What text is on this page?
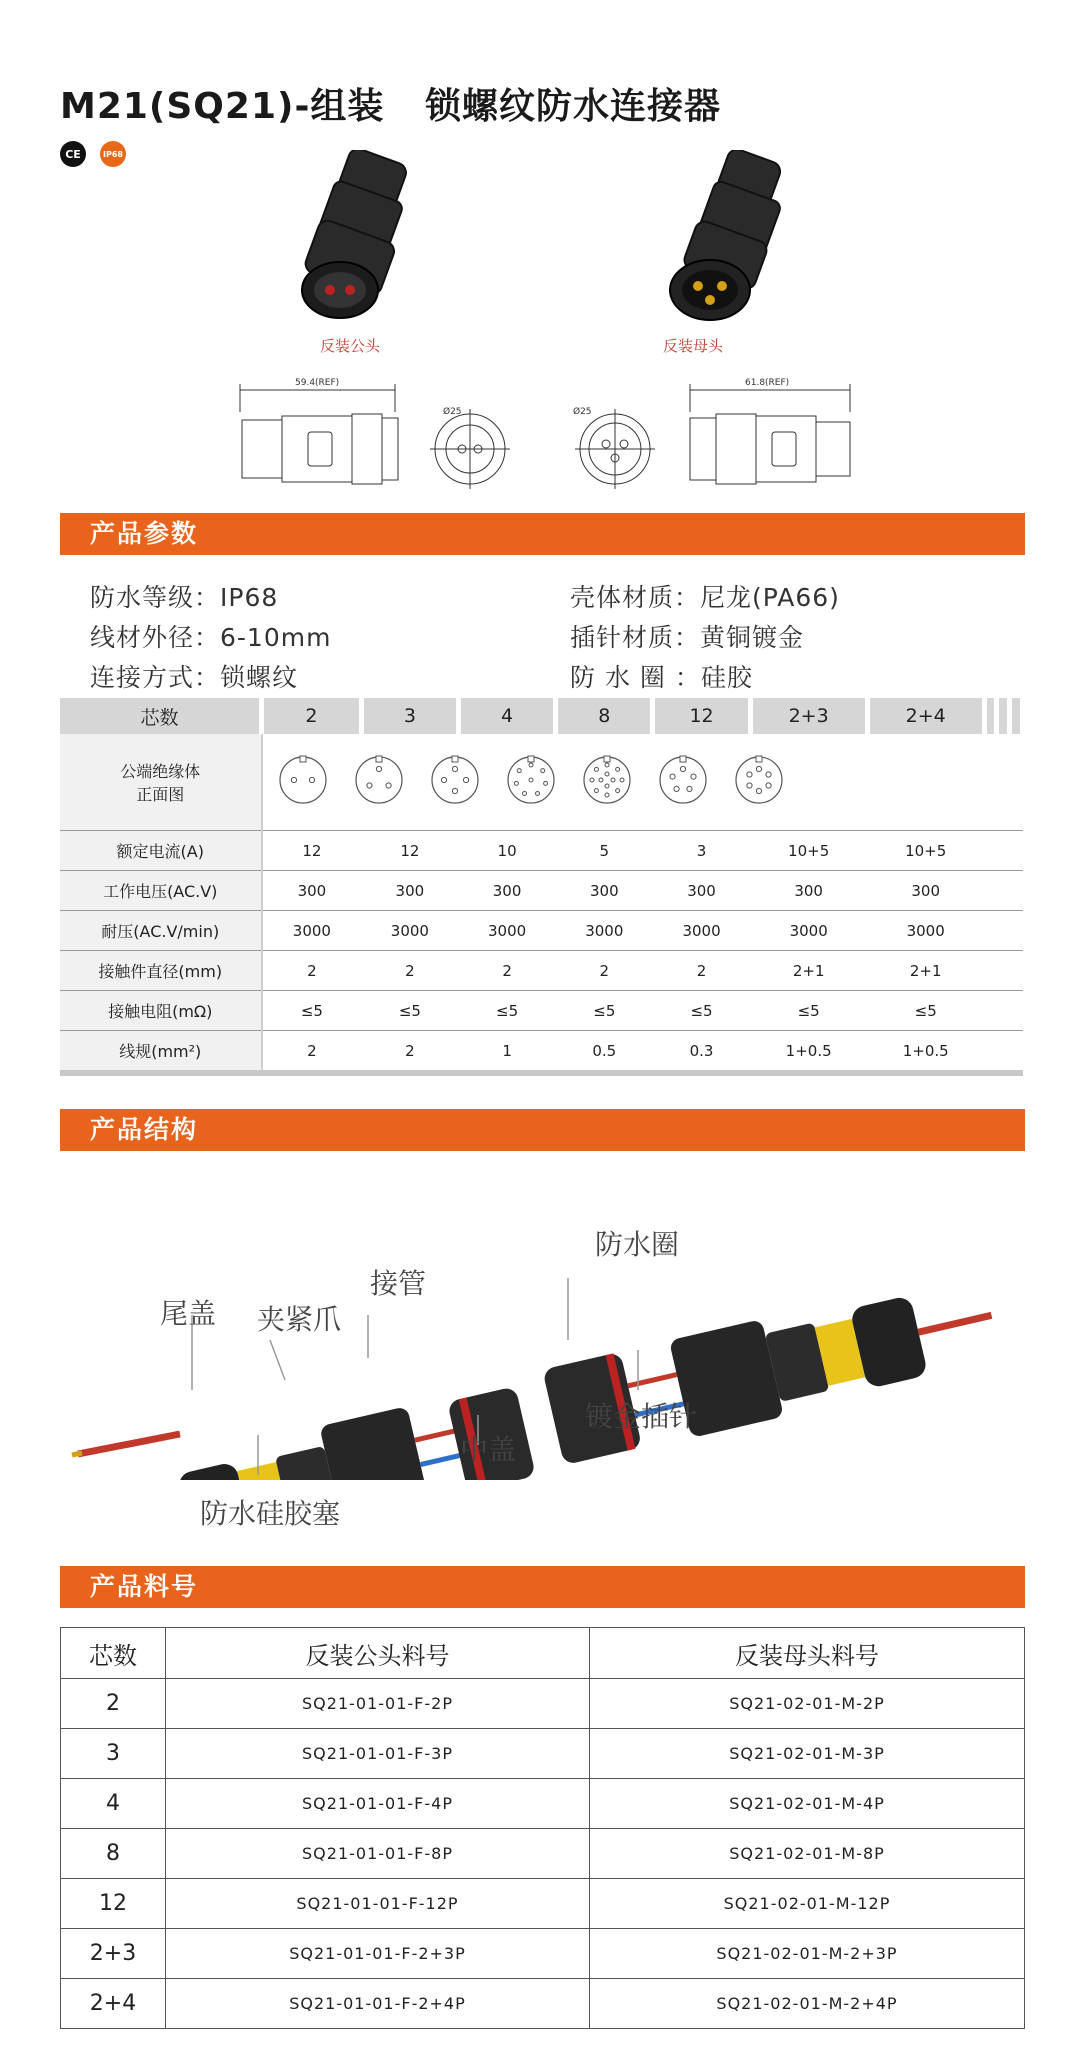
M21(SQ21)-组装   锁螺纹防水连接器
CE	IP68
反装公头	反装母头
59.4(REF)
Ø25	Ø25
61.8(REF)
产品参数
防水等级：IP68
线材外径：6-10mm
连接方式：锁螺纹
壳体材质：尼龙(PA66)
插针材质：黄铜镀金
防 水 圈 ：硅胶
芯数	2	3	4	8	12	2+3	2+4			
公端绝缘体
正面图	
额定电流(A)	12	12	10	5	3	10+5	10+5			
工作电压(AC.V)	300	300	300	300	300	300	300			
耐压(AC.V/min)	3000	3000	3000	3000	3000	3000	3000			
接触件直径(mm)	2	2	2	2	2	2+1	2+1			
接触电阻(mΩ)	≤5	≤5	≤5	≤5	≤5	≤5	≤5			
线规(mm²)	2	2	1	0.5	0.3	1+0.5	1+0.5			
产品结构
尾盖 夹紧爪
接管
防水圈
中盖
镀金插针
防水硅胶塞
产品料号
芯数	反装公头料号	反装母头料号
2	SQ21-01-01-F-2P	SQ21-02-01-M-2P
3	SQ21-01-01-F-3P	SQ21-02-01-M-3P
4	SQ21-01-01-F-4P	SQ21-02-01-M-4P
8	SQ21-01-01-F-8P	SQ21-02-01-M-8P
12	SQ21-01-01-F-12P	SQ21-02-01-M-12P
2+3	SQ21-01-01-F-2+3P	SQ21-02-01-M-2+3P
2+4	SQ21-01-01-F-2+4P	SQ21-02-01-M-2+4P
